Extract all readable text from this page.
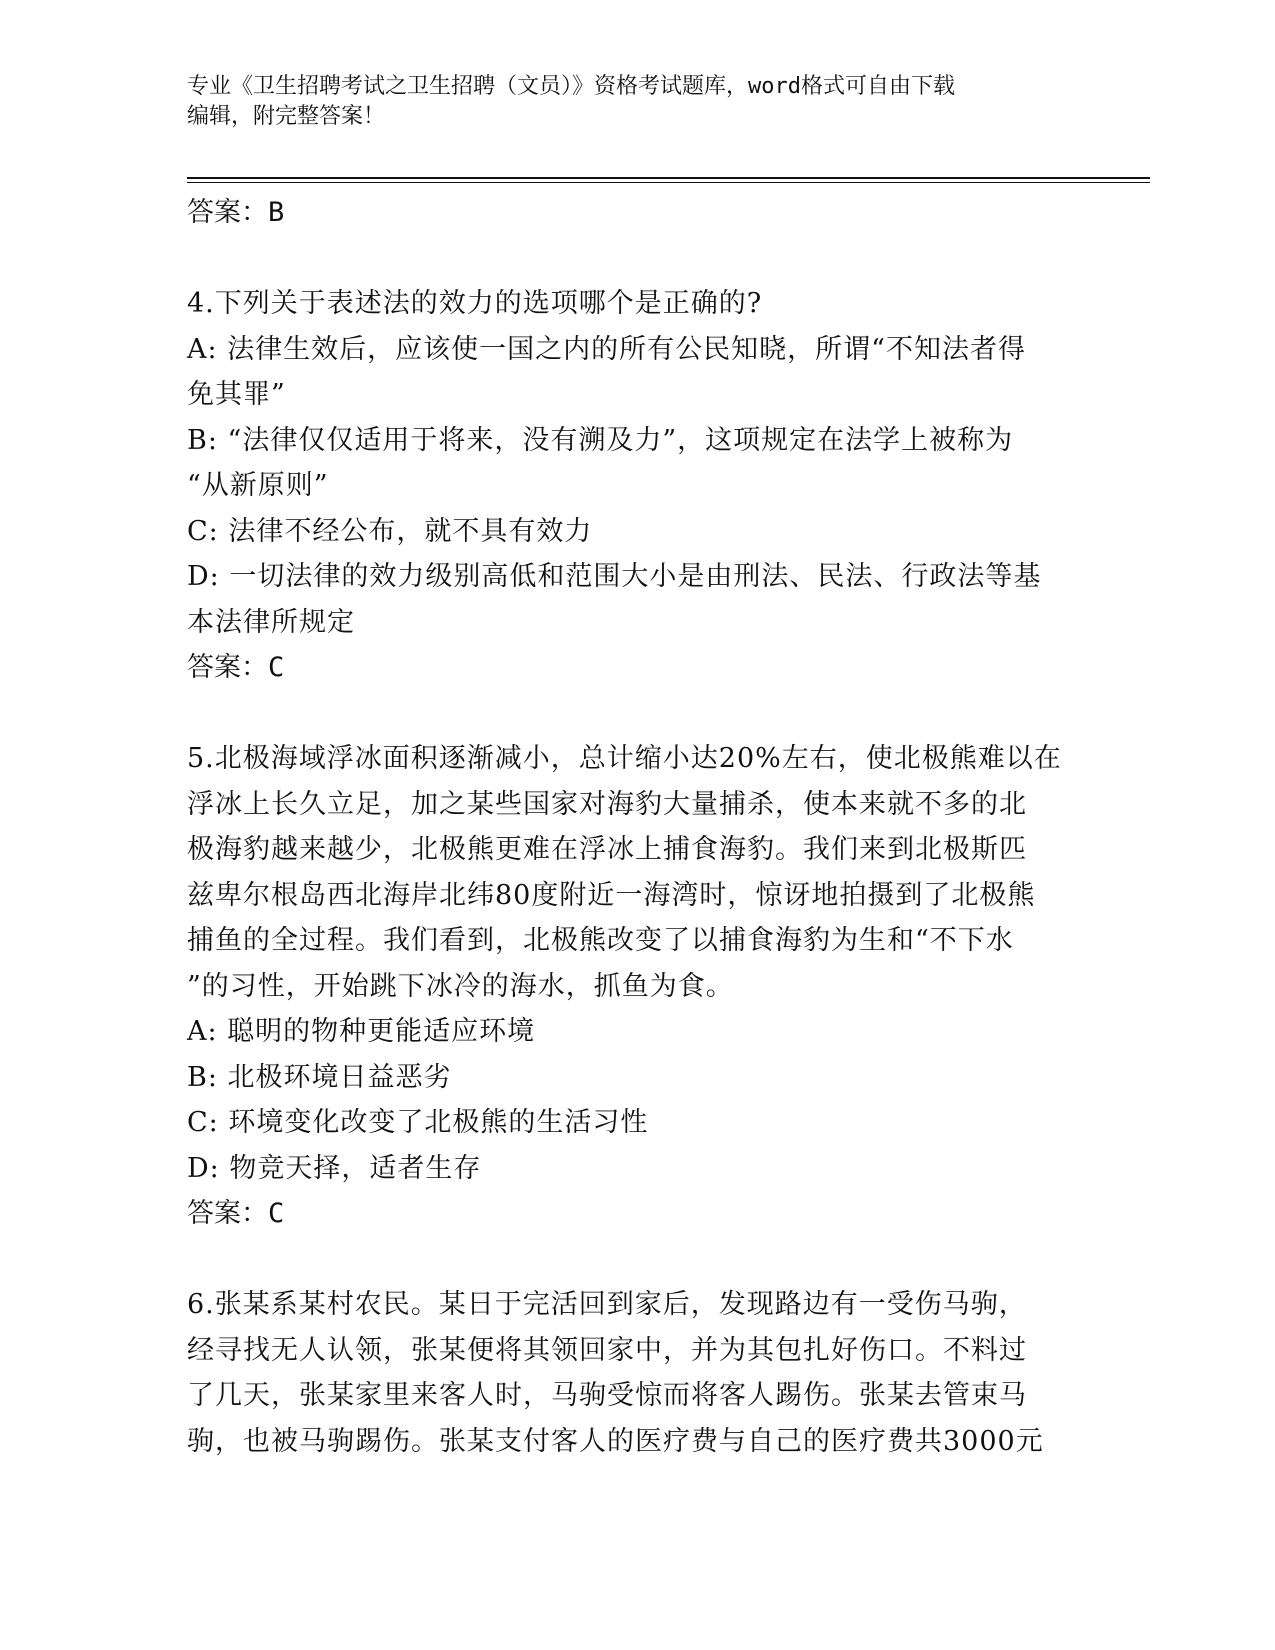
专业《卫生招聘考试之卫生招聘（文员）》资格考试题库，word格式可自由下载
编辑，附完整答案！
答案：B
4.下列关于表述法的效力的选项哪个是正确的?
A: 法律生效后，应该使一国之内的所有公民知晓，所谓“不知法者得
免其罪”
B: “法律仅仅适用于将来，没有溯及力”，这项规定在法学上被称为
“从新原则”
C: 法律不经公布，就不具有效力
D: 一切法律的效力级别高低和范围大小是由刑法、民法、行政法等基
本法律所规定
答案：C
5.北极海域浮冰面积逐渐减小，总计缩小达20%左右，使北极熊难以在
浮冰上长久立足，加之某些国家对海豹大量捕杀，使本来就不多的北
极海豹越来越少，北极熊更难在浮冰上捕食海豹。我们来到北极斯匹
兹卑尔根岛西北海岸北纬80度附近一海湾时，惊讶地拍摄到了北极熊
捕鱼的全过程。我们看到，北极熊改变了以捕食海豹为生和“不下水
”的习性，开始跳下冰冷的海水，抓鱼为食。
A: 聪明的物种更能适应环境
B: 北极环境日益恶劣
C: 环境变化改变了北极熊的生活习性
D: 物竞天择，适者生存
答案：C
6.张某系某村农民。某日于完活回到家后，发现路边有一受伤马驹，
经寻找无人认领，张某便将其领回家中，并为其包扎好伤口。不料过
了几天，张某家里来客人时，马驹受惊而将客人踢伤。张某去管束马
驹，也被马驹踢伤。张某支付客人的医疗费与自己的医疗费共3000元
